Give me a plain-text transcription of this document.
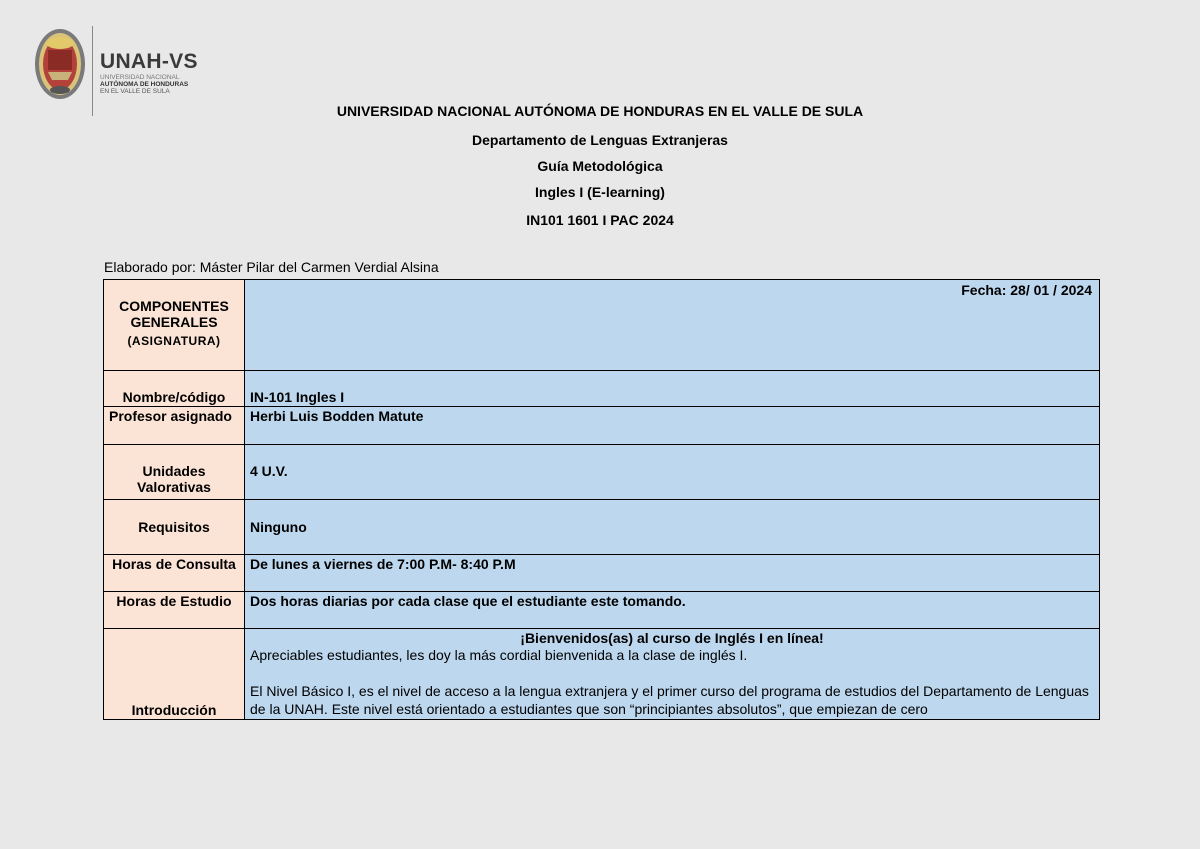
UNAH-VS
UNIVERSIDAD NACIONAL
AUTÓNOMA DE HONDURAS
EN EL VALLE DE SULA
UNIVERSIDAD NACIONAL AUTÓNOMA DE HONDURAS EN EL VALLE DE SULA
Departamento de Lenguas Extranjeras
Guía Metodológica
Ingles I (E-learning)
IN101 1601 I PAC 2024
Elaborado por: Máster Pilar del Carmen Verdial Alsina
COMPONENTES GENERALES
(ASIGNATURA)	Fecha: 28/ 01 / 2024

Nombre/código	IN-101 Ingles I
Profesor asignado	Herbi Luis Bodden Matute
Unidades Valorativas	4 U.V.
Requisitos	Ninguno
Horas de Consulta	De lunes a viernes de 7:00 P.M- 8:40 P.M
Horas de Estudio	Dos horas diarias por cada clase que el estudiante este tomando.
Introducción	¡Bienvenidos(as) al curso de Inglés I en línea!
Apreciables estudiantes, les doy la más cordial bienvenida a la clase de inglés I.
El Nivel Básico I, es el nivel de acceso a la lengua extranjera y el primer curso del programa de estudios del Departamento de Lenguas de la UNAH. Este nivel está orientado a estudiantes que son “principiantes absolutos”, que empiezan de cero
